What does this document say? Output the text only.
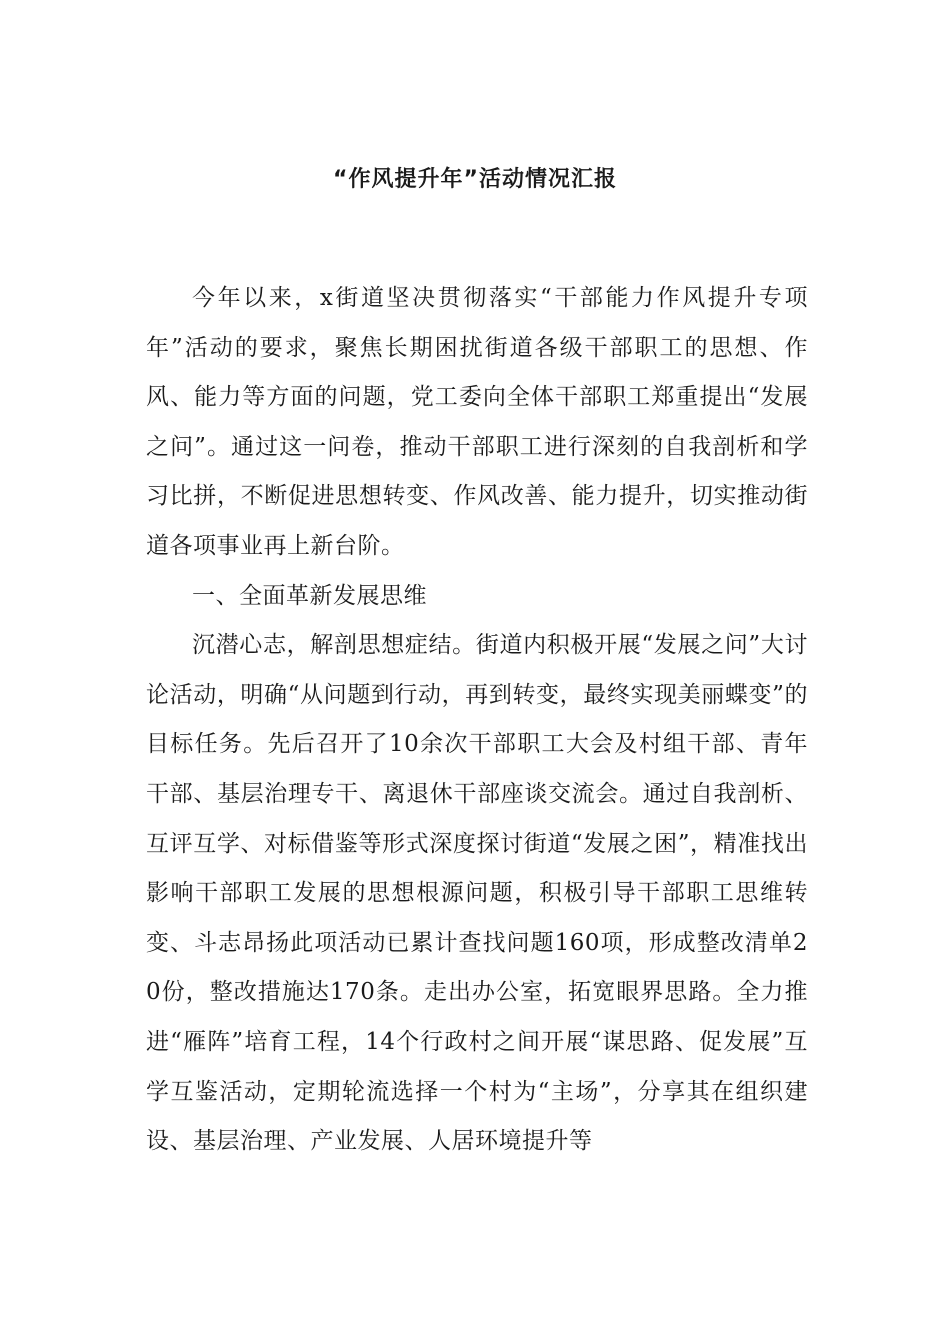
“作风提升年”活动情况汇报

今年以来，x街道坚决贯彻落实“干部能力作风提升专项年”活动的要求，聚焦长期困扰街道各级干部职工的思想、作风、能力等方面的问题，党工委向全体干部职工郑重提出“发展之问”。通过这一问卷，推动干部职工进行深刻的自我剖析和学习比拼，不断促进思想转变、作风改善、能力提升，切实推动街道各项事业再上新台阶。

一、全面革新发展思维

沉潜心志，解剖思想症结。街道内积极开展“发展之问”大讨论活动，明确“从问题到行动，再到转变，最终实现美丽蝶变”的目标任务。先后召开了10余次干部职工大会及村组干部、青年干部、基层治理专干、离退休干部座谈交流会。通过自我剖析、互评互学、对标借鉴等形式深度探讨街道“发展之困”，精准找出影响干部职工发展的思想根源问题，积极引导干部职工思维转变、斗志昂扬此项活动已累计查找问题160项，形成整改清单20份，整改措施达170条。走出办公室，拓宽眼界思路。全力推进“雁阵”培育工程，14个行政村之间开展“谋思路、促发展”互学互鉴活动，定期轮流选择一个村为“主场”，分享其在组织建设、基层治理、产业发展、人居环境提升等
